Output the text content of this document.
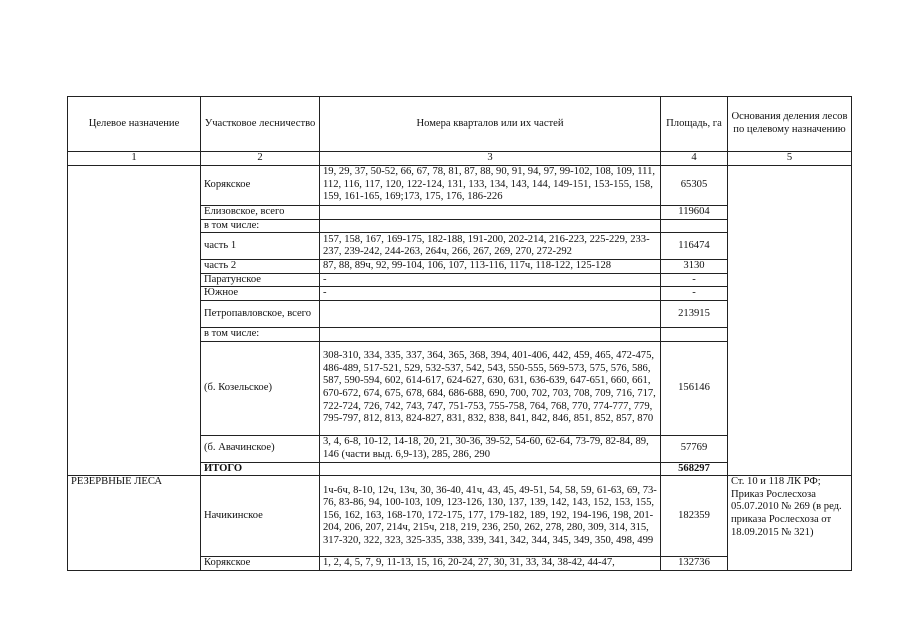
Целевое назначение	Участковое лесничество	Номера кварталов или их частей	Площадь, га	Основания деления лесов по целевому назначению
1	2	3	4	5
	Корякское	19, 29, 37, 50-52, 66, 67, 78, 81, 87, 88, 90, 91, 94, 97, 99-102, 108, 109, 111, 112, 116, 117, 120, 122-124, 131, 133, 134, 143, 144, 149-151, 153-155, 158, 159, 161-165, 169;173, 175, 176, 186-226	65305	
	Елизовское, всего		119604	
	в том числе:			
	часть 1	157, 158, 167, 169-175, 182-188, 191-200, 202-214, 216-223, 225-229, 233-237, 239-242, 244-263, 264ч, 266, 267, 269, 270, 272-292	116474	
	часть 2	87, 88, 89ч, 92, 99-104, 106, 107, 113-116, 117ч, 118-122, 125-128	3130	
	Паратунское	-	-	
	Южное	-	-	
	Петропавловское, всего		213915	
	в том числе:			
	(б. Козельское)	308-310, 334, 335, 337, 364, 365, 368, 394, 401-406, 442, 459, 465, 472-475, 486-489, 517-521, 529, 532-537, 542, 543, 550-555, 569-573, 575, 576, 586, 587, 590-594, 602, 614-617, 624-627, 630, 631, 636-639, 647-651, 660, 661, 670-672, 674, 675, 678, 684, 686-688, 690, 700, 702, 703, 708, 709, 716, 717, 722-724, 726, 742, 743, 747, 751-753, 755-758, 764, 768, 770, 774-777, 779, 795-797, 812, 813, 824-827, 831, 832, 838, 841, 842, 846, 851, 852, 857, 870	156146	
	(б. Авачинское)	3, 4, 6-8, 10-12, 14-18, 20, 21, 30-36, 39-52, 54-60, 62-64, 73-79, 82-84, 89, 146 (части выд. 6,9-13), 285, 286, 290	57769	
	ИТОГО		568297	
РЕЗЕРВНЫЕ ЛЕСА	Начикинское	1ч-6ч, 8-10, 12ч, 13ч, 30, 36-40, 41ч, 43, 45, 49-51, 54, 58, 59, 61-63, 69, 73-76, 83-86, 94, 100-103, 109, 123-126, 130, 137, 139, 142, 143, 152, 153, 155, 156, 162, 163, 168-170, 172-175, 177, 179-182, 189, 192, 194-196, 198, 201-204, 206, 207, 214ч, 215ч, 218, 219, 236, 250, 262, 278, 280, 309, 314, 315, 317-320, 322, 323, 325-335, 338, 339, 341, 342, 344, 345, 349, 350, 498, 499	182359	Ст. 10 и 118 ЛК РФ; Приказ Рослесхоза 05.07.2010 № 269 (в ред. приказа Рослесхоза от 18.09.2015 № 321)
	Корякское	1, 2, 4, 5, 7, 9, 11-13, 15, 16, 20-24, 27, 30, 31, 33, 34, 38-42, 44-47,	132736	
